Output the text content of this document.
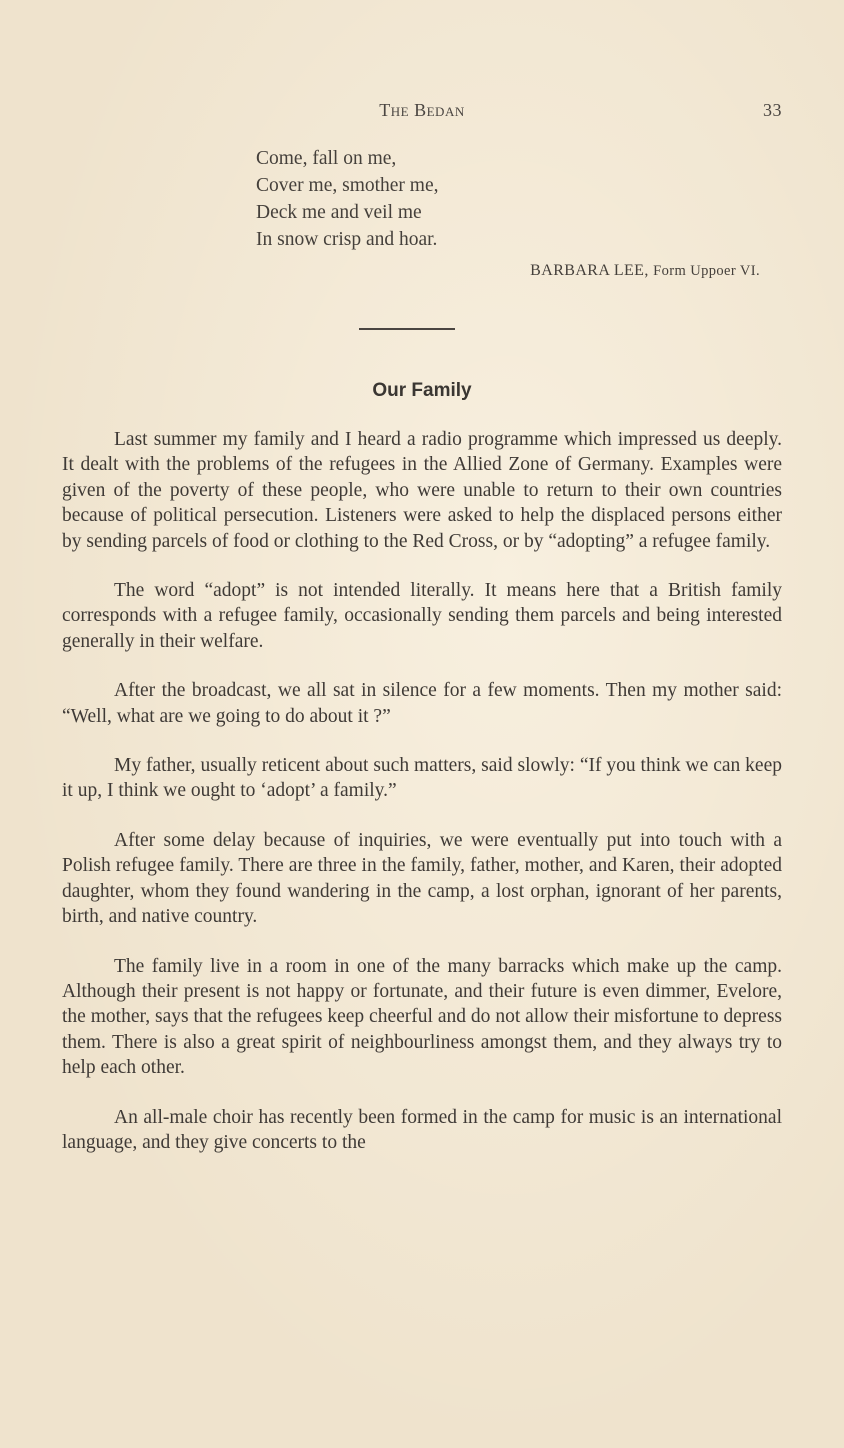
The Bedan	33
Come, fall on me,
Cover me, smother me,
Deck me and veil me
In snow crisp and hoar.
BARBARA LEE, Form Uppoer VI.
Our Family

Last summer my family and I heard a radio programme which impressed us deeply. It dealt with the problems of the refugees in the Allied Zone of Germany. Examples were given of the poverty of these people, who were unable to return to their own countries because of political persecution. Listeners were asked to help the displaced persons either by sending parcels of food or clothing to the Red Cross, or by “adopting” a refugee family.

The word “adopt” is not intended literally. It means here that a British family corresponds with a refugee family, occasionally sending them parcels and being interested generally in their welfare.

After the broadcast, we all sat in silence for a few moments. Then my mother said: “Well, what are we going to do about it ?”

My father, usually reticent about such matters, said slowly: “If you think we can keep it up, I think we ought to ‘adopt’ a family.”

After some delay because of inquiries, we were eventually put into touch with a Polish refugee family. There are three in the family, father, mother, and Karen, their adopted daughter, whom they found wandering in the camp, a lost orphan, ignorant of her parents, birth, and native country.

The family live in a room in one of the many barracks which make up the camp. Although their present is not happy or fortunate, and their future is even dimmer, Evelore, the mother, says that the refugees keep cheerful and do not allow their misfortune to depress them. There is also a great spirit of neighbourliness amongst them, and they always try to help each other.

An all-male choir has recently been formed in the camp for music is an international language, and they give concerts to the
